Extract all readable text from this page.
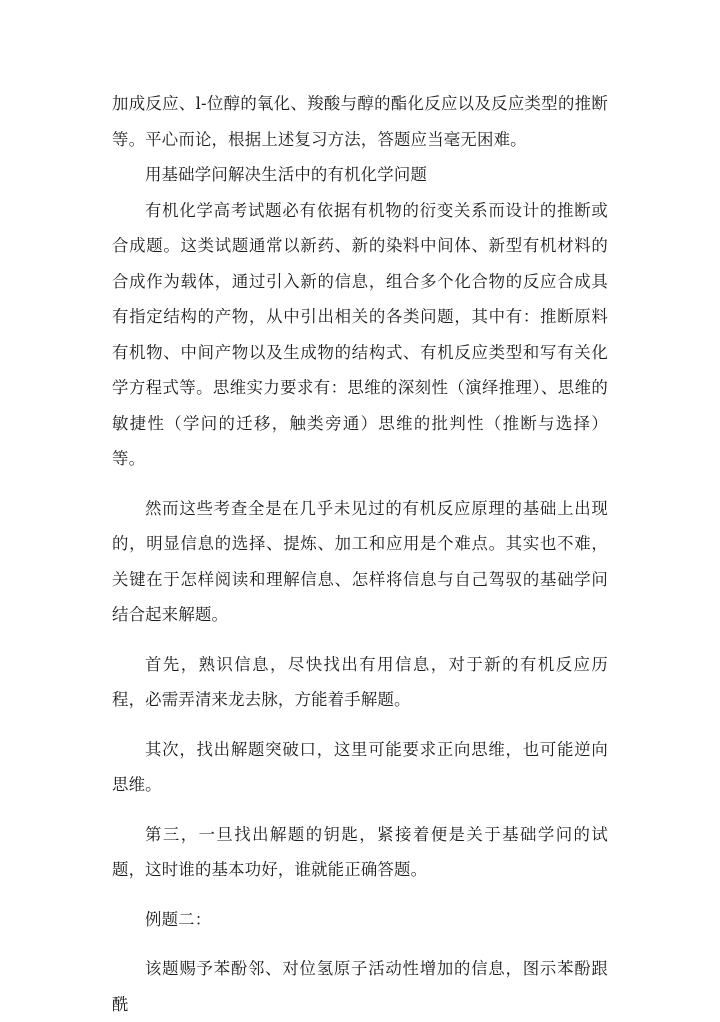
加成反应、l-位醇的氧化、羧酸与醇的酯化反应以及反应类型的推断等。平心而论，根据上述复习方法，答题应当毫无困难。

用基础学问解决生活中的有机化学问题

有机化学高考试题必有依据有机物的衍变关系而设计的推断或合成题。这类试题通常以新药、新的染料中间体、新型有机材料的合成作为载体，通过引入新的信息，组合多个化合物的反应合成具有指定结构的产物，从中引出相关的各类问题，其中有：推断原料有机物、中间产物以及生成物的结构式、有机反应类型和写有关化学方程式等。思维实力要求有：思维的深刻性（演绎推理）、思维的敏捷性（学问的迁移，触类旁通）思维的批判性（推断与选择）等。

然而这些考查全是在几乎未见过的有机反应原理的基础上出现的，明显信息的选择、提炼、加工和应用是个难点。其实也不难，关键在于怎样阅读和理解信息、怎样将信息与自己驾驭的基础学问结合起来解题。

首先，熟识信息，尽快找出有用信息，对于新的有机反应历程，必需弄清来龙去脉，方能着手解题。

其次，找出解题突破口，这里可能要求正向思维，也可能逆向思维。

第三，一旦找出解题的钥匙，紧接着便是关于基础学问的试题，这时谁的基本功好，谁就能正确答题。

例题二：

该题赐予苯酚邻、对位氢原子活动性增加的信息，图示苯酚跟酰
